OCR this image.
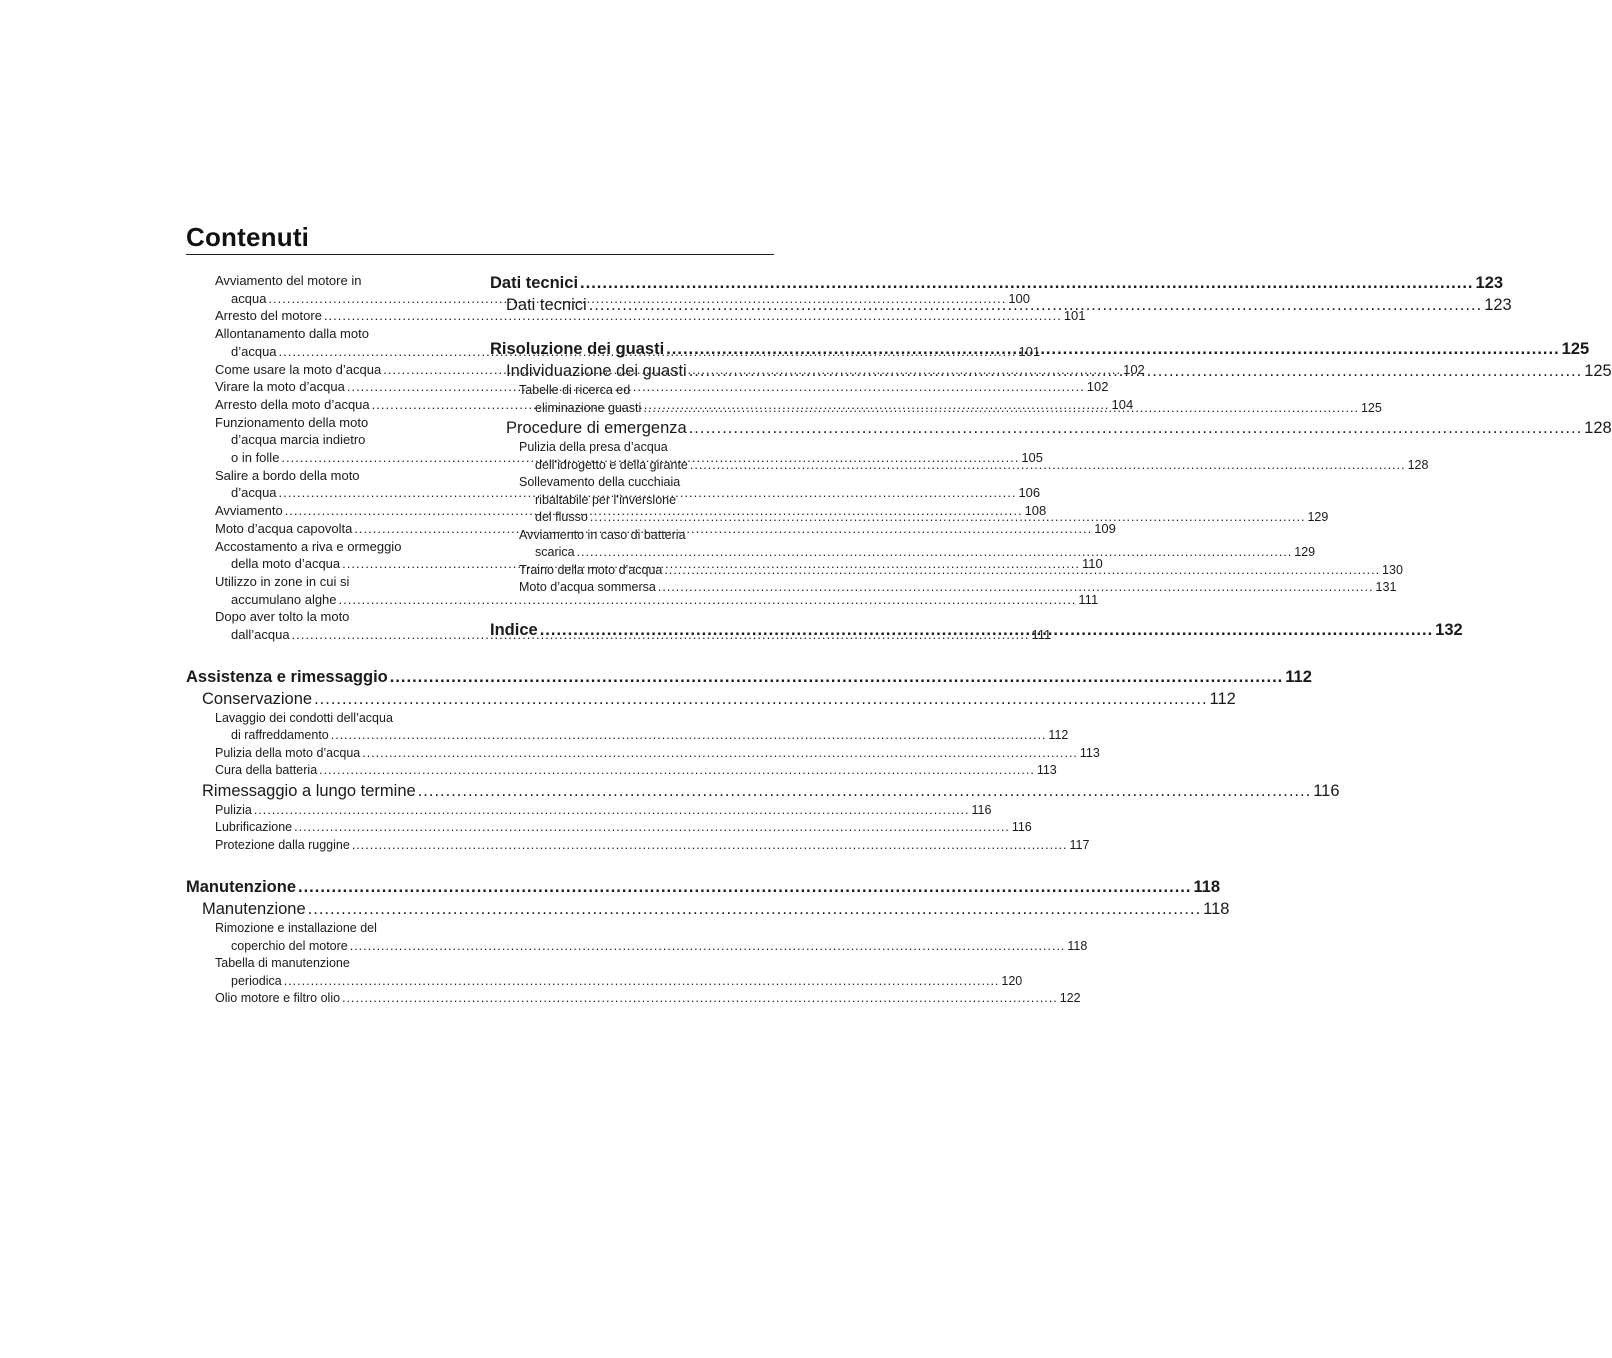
Contenuti
Avviamento del motore in
acqua .....	100
Arresto del motore .....	101
Allontanamento dalla moto
d’acqua .....	101
Come usare la moto d’acqua .....	102
Virare la moto d’acqua .....	102
Arresto della moto d’acqua .....	104
Funzionamento della moto
d’acqua marcia indietro
o in folle .....	105
Salire a bordo della moto
d’acqua .....	106
Avviamento .....	108
Moto d’acqua capovolta .....	109
Accostamento a riva e ormeggio
della moto d’acqua .....	110
Utilizzo in zone in cui si
accumulano alghe .....	111
Dopo aver tolto la moto
dall’acqua .....	111
Assistenza e rimessaggio .....	112
Conservazione .....	112
Lavaggio dei condotti dell’acqua
di raffreddamento .....	112
Pulizia della moto d’acqua .....	113
Cura della batteria .....	113
Rimessaggio a lungo termine .....	116
Pulizia .....	116
Lubrificazione .....	116
Protezione dalla ruggine .....	117
Manutenzione .....	118
Manutenzione .....	118
Rimozione e installazione del
coperchio del motore .....	118
Tabella di manutenzione
periodica .....	120
Olio motore e filtro olio .....	122
Dati tecnici .....	123
Dati tecnici .....	123
Risoluzione dei guasti .....	125
Individuazione dei guasti .....	125
Tabelle di ricerca ed
eliminazione guasti .....	125
Procedure di emergenza .....	128
Pulizia della presa d’acqua
dell’idrogetto e della girante .....	128
Sollevamento della cucchiaia
ribaltabile per l’inversione
del flusso .....	129
Avviamento in caso di batteria
scarica .....	129
Traino della moto d’acqua .....	130
Moto d’acqua sommersa .....	131
Indice .....	132
